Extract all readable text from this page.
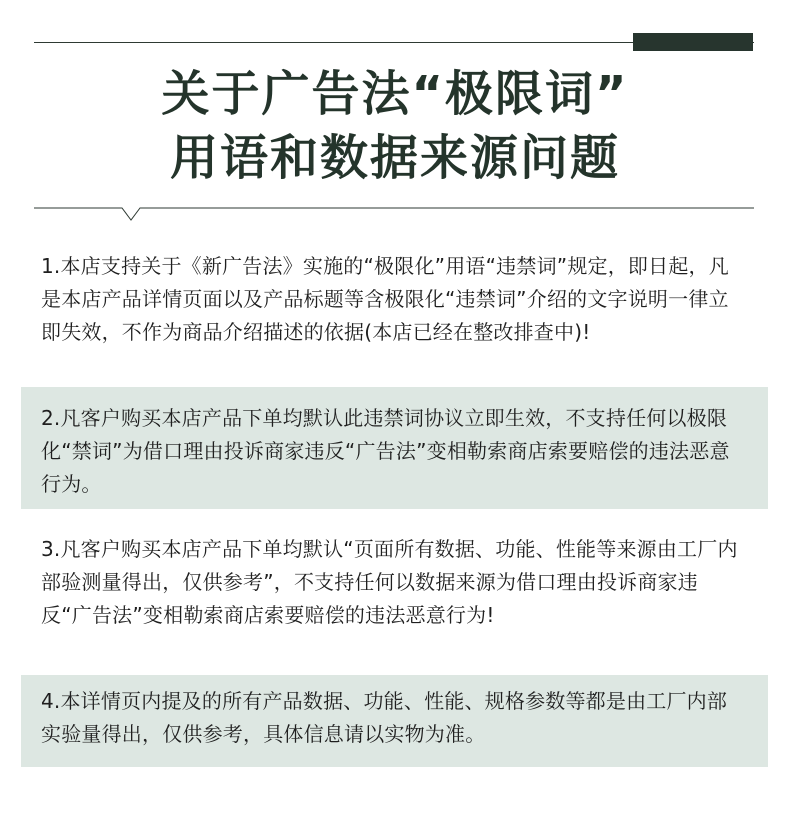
关于广告法“极限词”
用语和数据来源问题
1.本店支持关于《新广告法》实施的“极限化”用语“违禁词”规定，即日起，凡是本店产品详情页面以及产品标题等含极限化“违禁词”介绍的文字说明一律立即失效，不作为商品介绍描述的依据(本店已经在整改排查中)!
2.凡客户购买本店产品下单均默认此违禁词协议立即生效，不支持任何以极限化“禁词”为借口理由投诉商家违反“广告法”变相勒索商店索要赔偿的违法恶意行为。
3.凡客户购买本店产品下单均默认“页面所有数据、功能、性能等来源由工厂内部验测量得出，仅供参考”，不支持任何以数据来源为借口理由投诉商家违反“广告法”变相勒索商店索要赔偿的违法恶意行为!
4.本详情页内提及的所有产品数据、功能、性能、规格参数等都是由工厂内部实验量得出，仅供参考，具体信息请以实物为准。
